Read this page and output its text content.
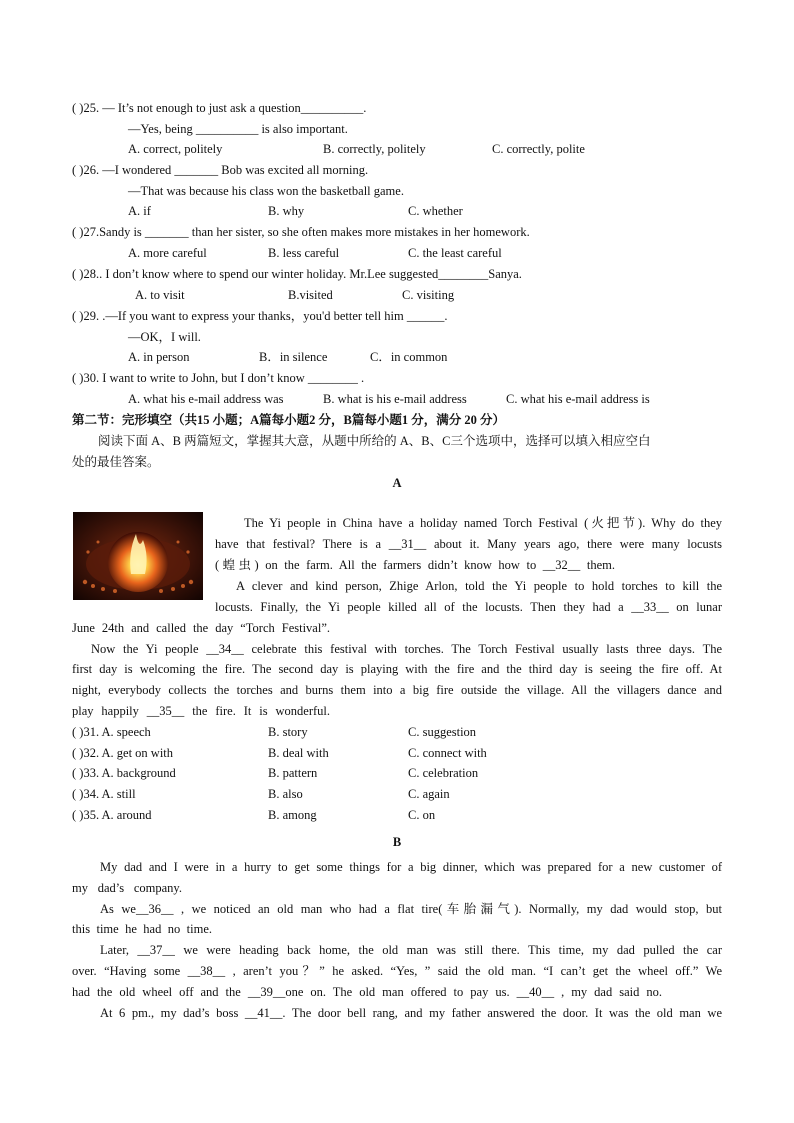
( )25. — It’s not enough to just ask a question__________.
—Yes, being __________ is also important.
A. correct, politely	B. correctly, politely	C. correctly, polite
( )26. —I wondered _______ Bob was excited all morning.
—That was because his class won the basketball game.
A. if	B. why	C. whether
( )27.Sandy is _______ than her sister, so she often makes more mistakes in her homework.
A. more careful	B. less careful	C. the least careful
( )28.. I don’t know where to spend our winter holiday. Mr.Lee suggested________Sanya.
A. to visit	B.visited	C. visiting
( )29. .—If you want to express your thanks，you'd better tell him ______.
—OK，I will.
A. in person	B．in silence	C．in common
( )30. I want to write to John, but I don’t know ________ .
A. what his e-mail address was	B. what is his e-mail address	C. what his e-mail address is
第二节：完形填空（共15 小题；A篇每小题2 分，B篇每小题1 分，满分 20 分）
阅读下面 A、B 两篇短文，掌握其大意，从题中所给的 A、B、C三个选项中，选择可以填入相应空白
处的最佳答案。
A
The Yi people in China have a holiday named Torch Festival (火把节). Why do they
have that festival? There is a __31__ about it. Many years ago, there were many locusts
(蝗虫) on the farm. All the farmers didn’t know how to __32__ them.
A clever and kind person, Zhige Arlon, told the Yi people to hold torches to kill the
locusts. Finally, the Yi people killed all of the locusts. Then they had a __33__ on lunar
June 24th and called the day “Torch Festival”.
Now the Yi people __34__ celebrate this festival with torches. The Torch Festival usually lasts three days. The
first day is welcoming the fire. The second day is playing with the fire and the third day is seeing the fire off. At
night, everybody collects the torches and burns them into a big fire outside the village. All the villagers dance and
play happily __35__ the fire. It is wonderful.
( )31. A. speech	B. story	C. suggestion
( )32. A. get on with	B. deal with	C. connect with
( )33. A. background	B. pattern	C. celebration
( )34. A. still	B. also	C. again
( )35. A. around	B. among	C. on
B
My dad and I were in a hurry to get some things for a big dinner, which was prepared for a new customer of
my dad’s company.
As we__36__ , we noticed an old man who had a flat tire(车胎漏气). Normally, my dad would stop, but
this time he had no time.
Later, __37__ we were heading back home, the old man was still there. This time, my dad pulled the car
over. “Having some __38__ , aren’t you？” he asked. “Yes, ” said the old man. “I can’t get the wheel off.” We
had the old wheel off and the __39__one on. The old man offered to pay us. __40__ , my dad said no.
At 6 pm., my dad’s boss __41__. The door bell rang, and my father answered the door. It was the old man we
